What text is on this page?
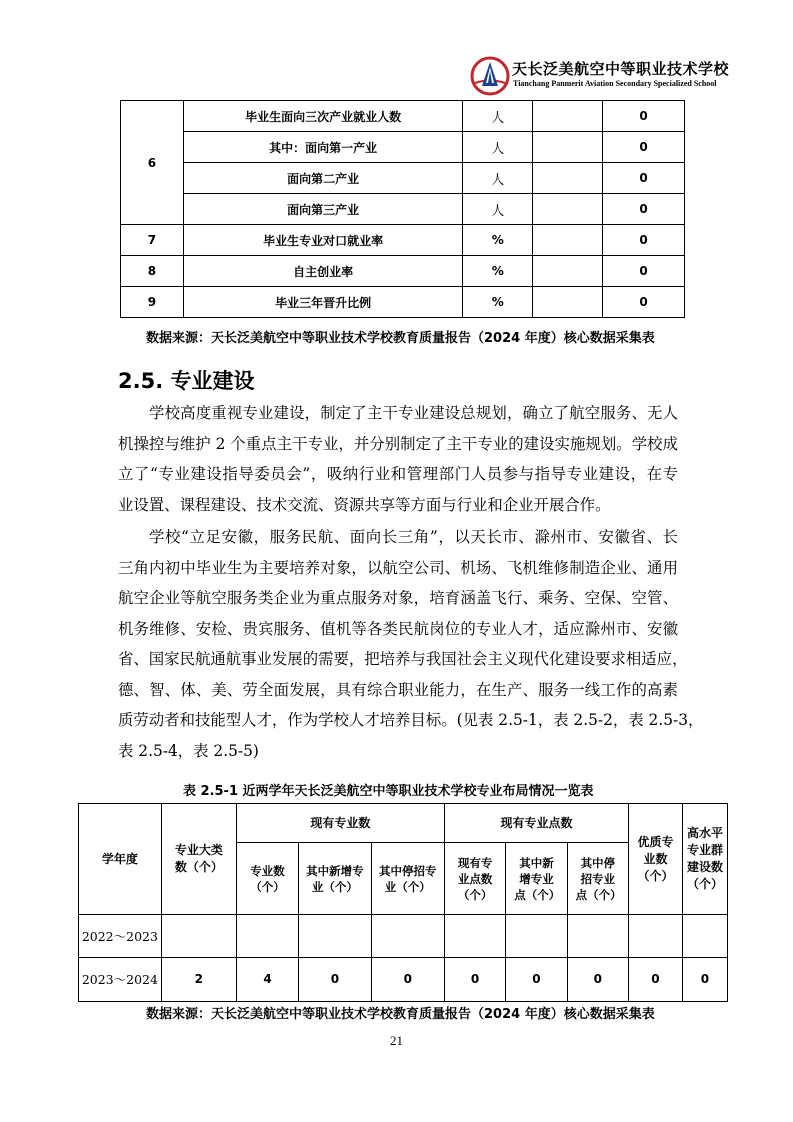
天长泛美航空中等职业技术学校
Tianchang Panmerit Aviation Secondary Specialized School
6	毕业生面向三次产业就业人数	人		0
	其中：面向第一产业	人		0
	面向第二产业	人		0
	面向第三产业	人		0
7	毕业生专业对口就业率	%		0
8	自主创业率	%		0
9	毕业三年晋升比例	%		0
数据来源：天长泛美航空中等职业技术学校教育质量报告（2024 年度）核心数据采集表
2.5. 专业建设
学校高度重视专业建设，制定了主干专业建设总规划，确立了航空服务、无人
机操控与维护 2 个重点主干专业，并分别制定了主干专业的建设实施规划。学校成
立了“专业建设指导委员会”，吸纳行业和管理部门人员参与指导专业建设，在专
业设置、课程建设、技术交流、资源共享等方面与行业和企业开展合作。
学校“立足安徽，服务民航、面向长三角”，以天长市、滁州市、安徽省、长
三角内初中毕业生为主要培养对象，以航空公司、机场、飞机维修制造企业、通用
航空企业等航空服务类企业为重点服务对象，培育涵盖飞行、乘务、空保、空管、
机务维修、安检、贵宾服务、值机等各类民航岗位的专业人才，适应滁州市、安徽
省、国家民航通航事业发展的需要，把培养与我国社会主义现代化建设要求相适应，
德、智、体、美、劳全面发展，具有综合职业能力，在生产、服务一线工作的高素
质劳动者和技能型人才，作为学校人才培养目标。(见表 2.5-1，表 2.5-2，表 2.5-3，
表 2.5-4，表 2.5-5)
表 2.5-1 近两学年天长泛美航空中等职业技术学校专业布局情况一览表
学年度	专业大类数（个）	现有专业数			现有专业点数			优质专业数（个）	高水平专业群建设数（个）
		专业数（个）	其中新增专业（个）	其中停招专业（个）	现有专业点数（个）	其中新增专业点（个）	其中停招专业点（个）		
2022～2023									
2023～2024	2	4	0	0	0	0	0	0	0
数据来源：天长泛美航空中等职业技术学校教育质量报告（2024 年度）核心数据采集表
21
